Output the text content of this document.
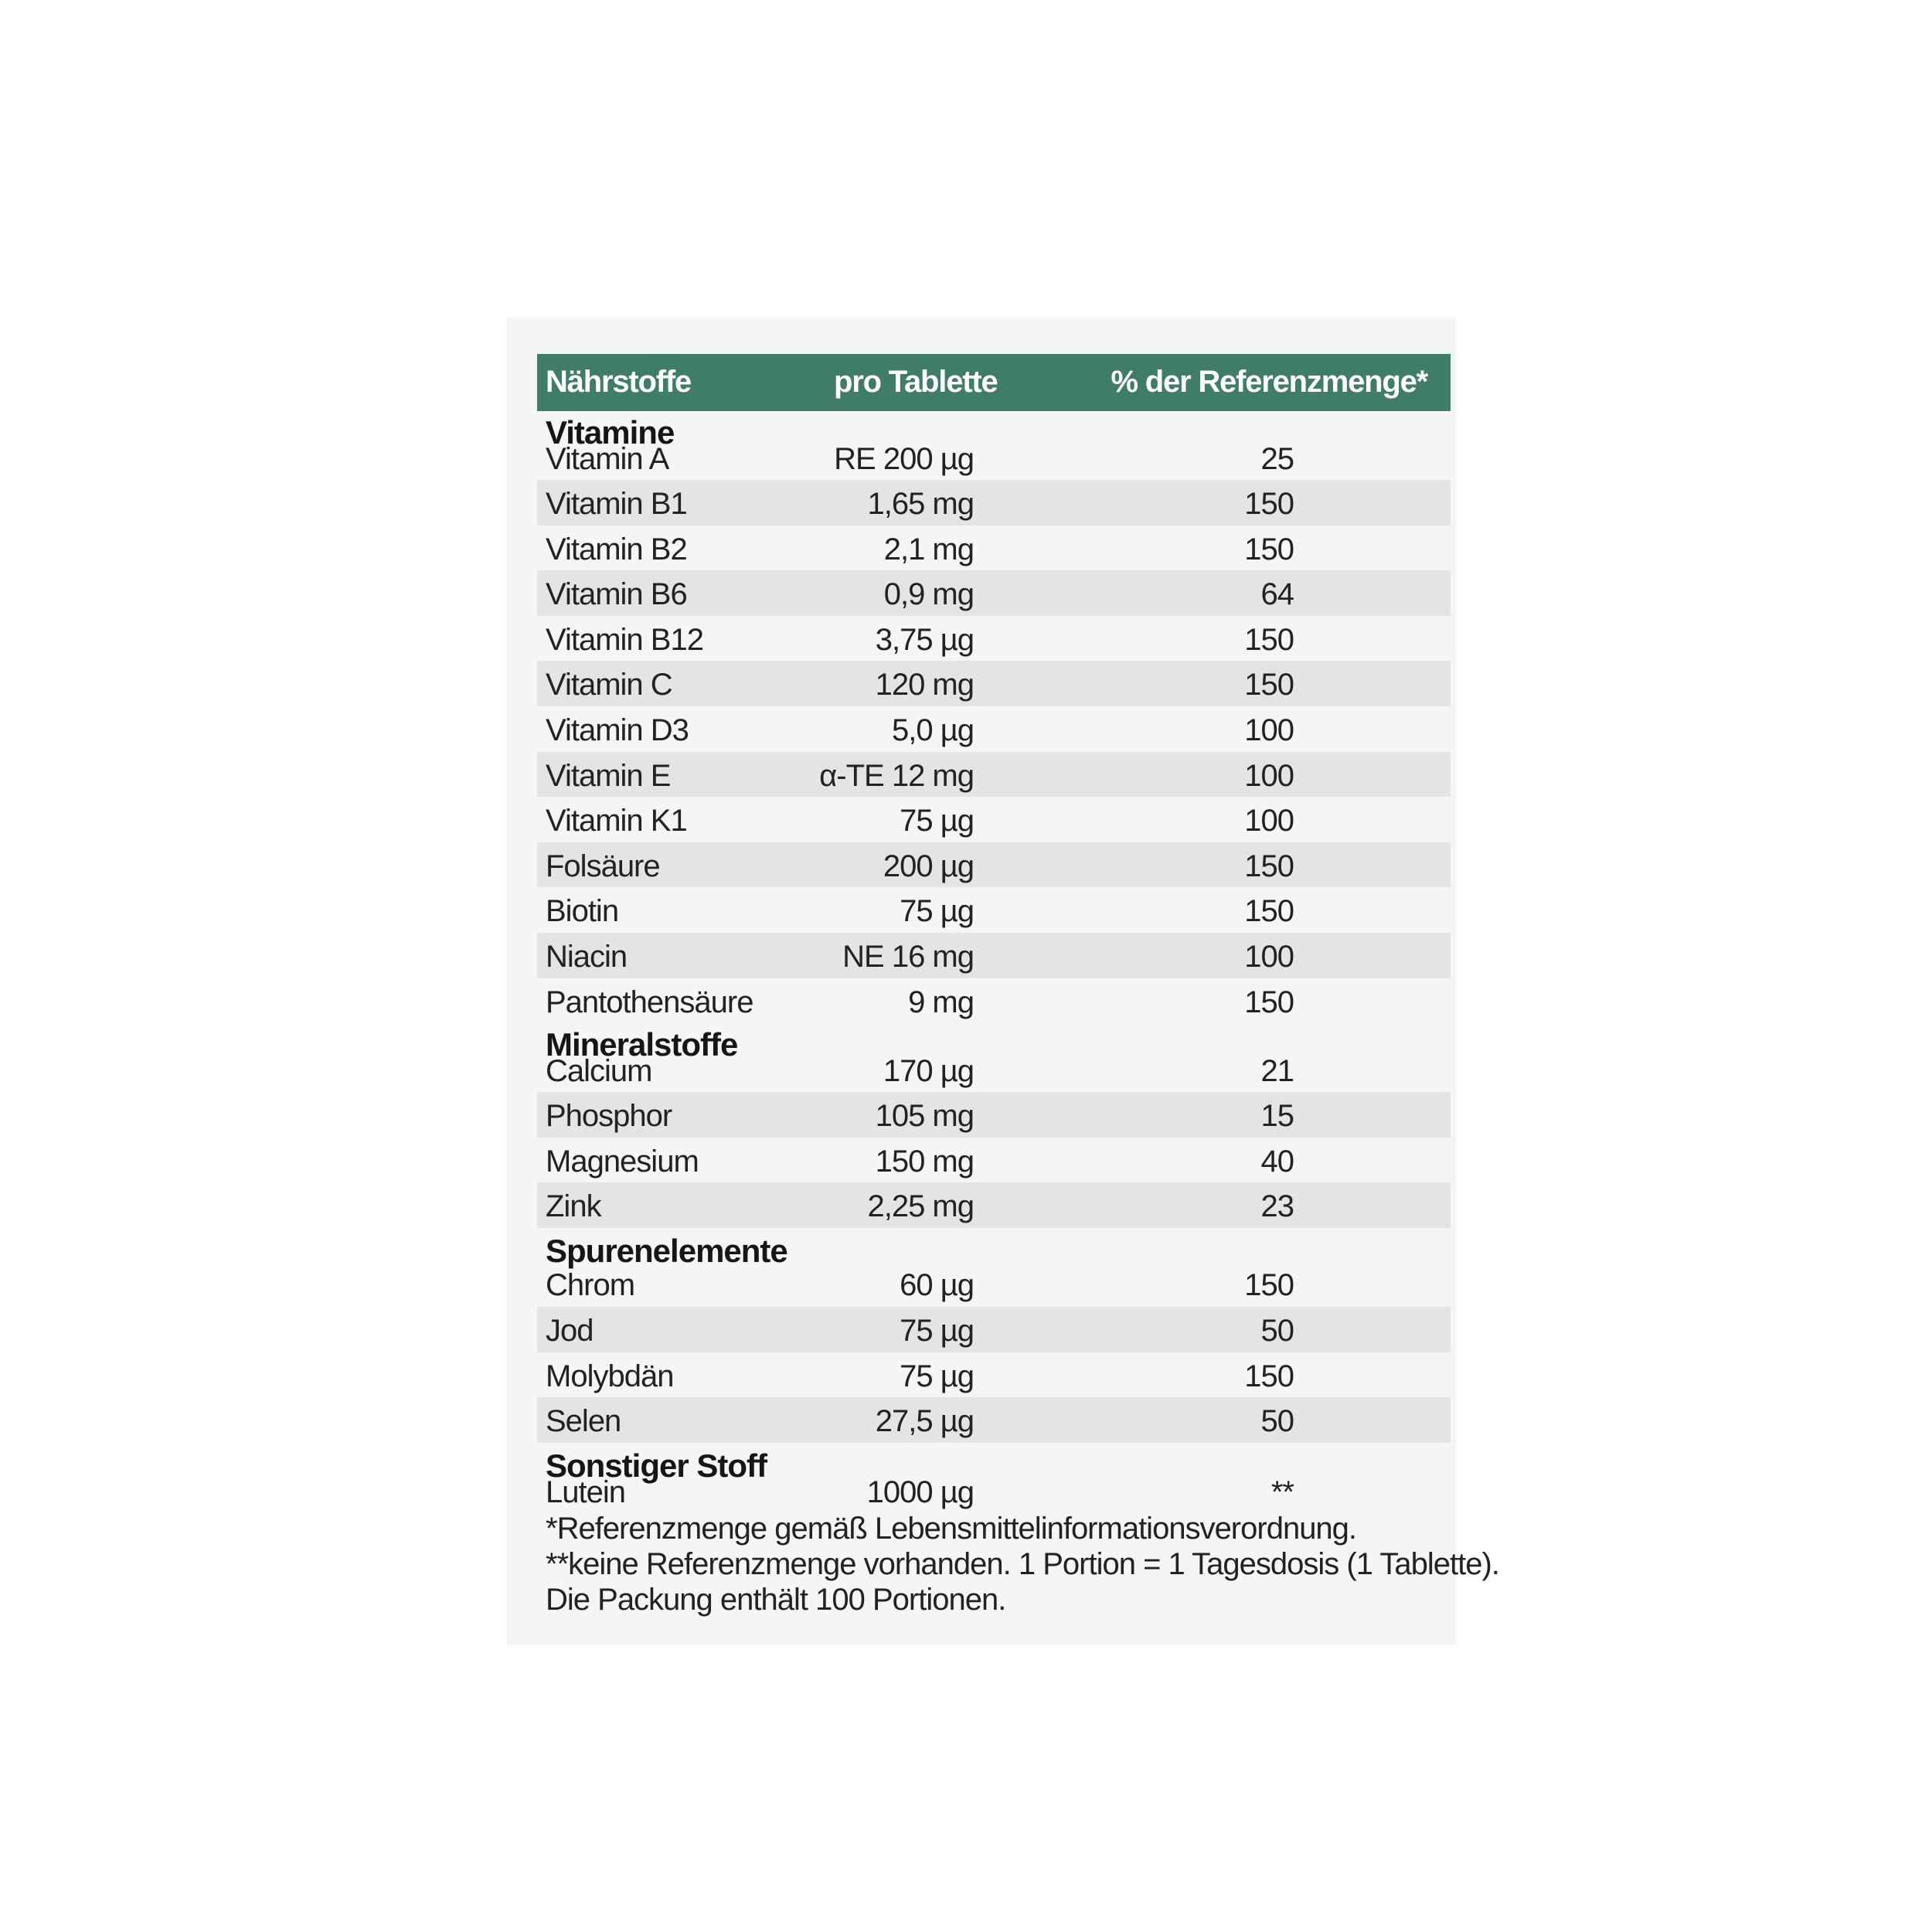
Nährstoffe	pro Tablette	% der Referenzmenge*
Vitamine
Vitamin A	RE 200 µg	25
Vitamin B1	1,65 mg	150
Vitamin B2	2,1 mg	150
Vitamin B6	0,9 mg	64
Vitamin B12	3,75 µg	150
Vitamin C	120 mg	150
Vitamin D3	5,0 µg	100
Vitamin E	α-TE 12 mg	100
Vitamin K1	75 µg	100
Folsäure	200 µg	150
Biotin	75 µg	150
Niacin	NE 16 mg	100
Pantothensäure	9 mg	150
Mineralstoffe
Calcium	170 µg	21
Phosphor	105 mg	15
Magnesium	150 mg	40
Zink	2,25 mg	23
Spurenelemente
Chrom	60 µg	150
Jod	75 µg	50
Molybdän	75 µg	150
Selen	27,5 µg	50
Sonstiger Stoff
Lutein	1000 µg	**
*Referenzmenge gemäß Lebensmittelinformationsverordnung.
**keine Referenzmenge vorhanden. 1 Portion = 1 Tagesdosis (1 Tablette).
Die Packung enthält 100 Portionen.
